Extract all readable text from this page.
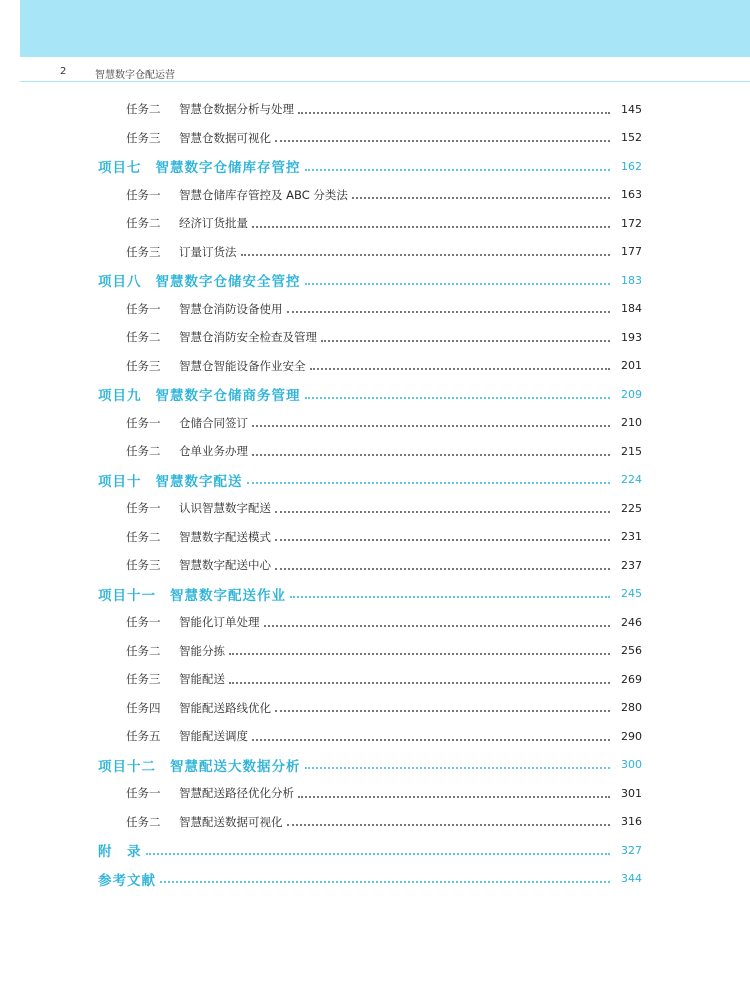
2	智慧数字仓配运营
任务二 智慧仓数据分析与处理	145
任务三 智慧仓数据可视化	152
项目七 智慧数字仓储库存管控	162
任务一 智慧仓储库存管控及 ABC 分类法	163
任务二 经济订货批量	172
任务三 订量订货法	177
项目八 智慧数字仓储安全管控	183
任务一 智慧仓消防设备使用	184
任务二 智慧仓消防安全检查及管理	193
任务三 智慧仓智能设备作业安全	201
项目九 智慧数字仓储商务管理	209
任务一 仓储合同签订	210
任务二 仓单业务办理	215
项目十 智慧数字配送	224
任务一 认识智慧数字配送	225
任务二 智慧数字配送模式	231
任务三 智慧数字配送中心	237
项目十一 智慧数字配送作业	245
任务一 智能化订单处理	246
任务二 智能分拣	256
任务三 智能配送	269
任务四 智能配送路线优化	280
任务五 智能配送调度	290
项目十二 智慧配送大数据分析	300
任务一 智慧配送路径优化分析	301
任务二 智慧配送数据可视化	316
附　录	327
参考文献	344
